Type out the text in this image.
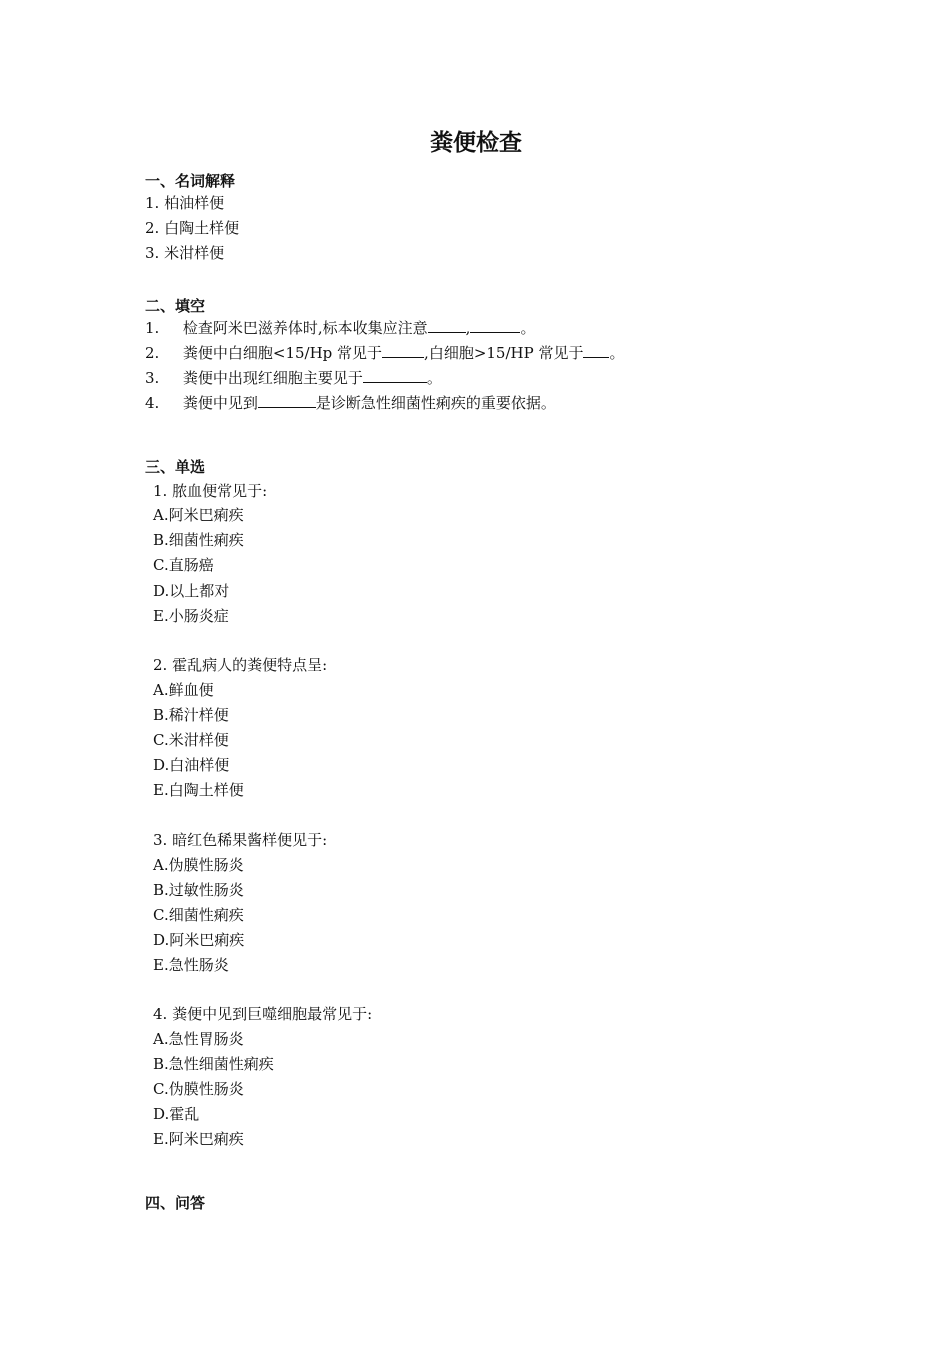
粪便检查
一、名词解释
1. 柏油样便
2. 白陶土样便
3. 米泔样便
二、填空
1. 检查阿米巴滋养体时,标本收集应注意	,	。
2. 粪便中白细胞<15/Hp 常见于	,白细胞>15/HP 常见于 。
3. 粪便中出现红细胞主要见于	。
4. 粪便中见到	是诊断急性细菌性痢疾的重要依据。
三、单选
1. 脓血便常见于:
A.阿米巴痢疾
B.细菌性痢疾
C.直肠癌
D.以上都对
E.小肠炎症
2. 霍乱病人的粪便特点呈:
A.鲜血便
B.稀汁样便
C.米泔样便
D.白油样便
E.白陶土样便
3. 暗红色稀果酱样便见于:
A.伪膜性肠炎
B.过敏性肠炎
C.细菌性痢疾
D.阿米巴痢疾
E.急性肠炎
4. 粪便中见到巨噬细胞最常见于:
A.急性胃肠炎
B.急性细菌性痢疾
C.伪膜性肠炎
D.霍乱
E.阿米巴痢疾
四、问答
